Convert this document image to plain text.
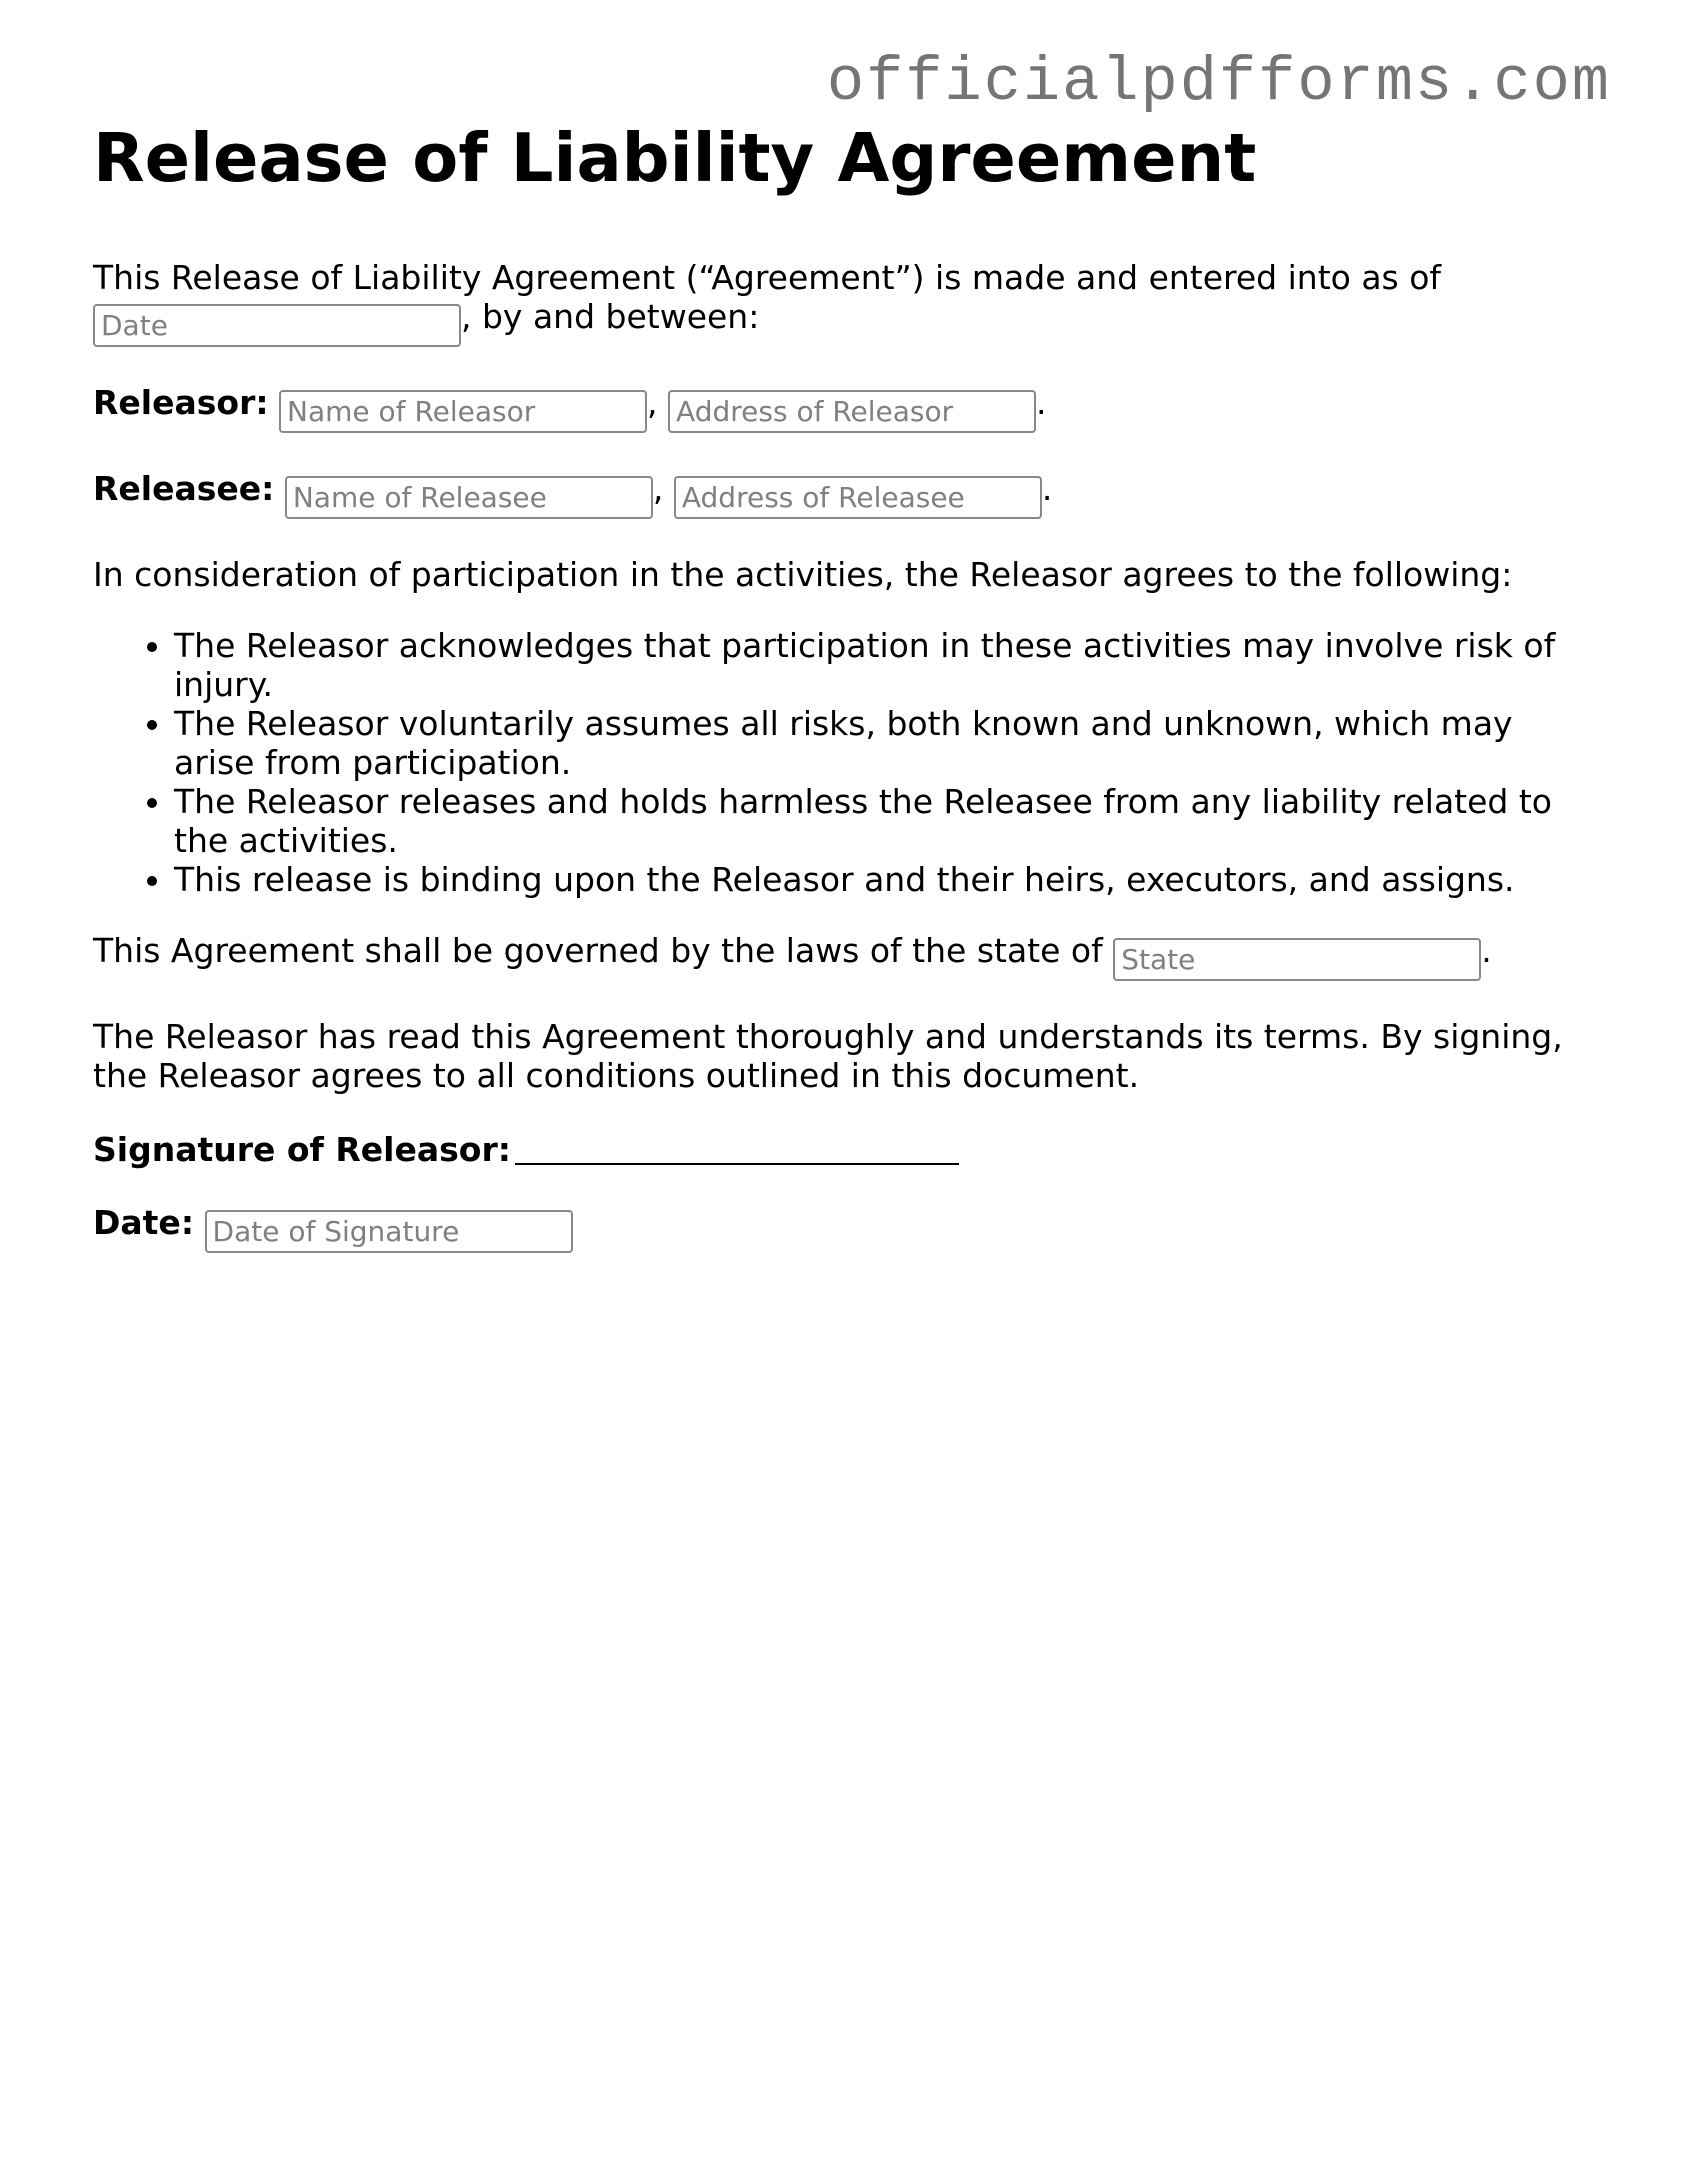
officialpdfforms.com
Release of Liability Agreement

This Release of Liability Agreement (“Agreement”) is made and entered into as of
Date, by and between:

Releasor: Name of Releasor	, Address of Releasor	.

Releasee: Name of Releasee	, Address of Releasee	.

In consideration of participation in the activities, the Releasor agrees to the following:

• The Releasor acknowledges that participation in these activities may involve risk of injury.
• The Releasor voluntarily assumes all risks, both known and unknown, which may arise from participation.
• The Releasor releases and holds harmless the Releasee from any liability related to the activities.
• This release is binding upon the Releasor and their heirs, executors, and assigns.

This Agreement shall be governed by the laws of the state of State	.

The Releasor has read this Agreement thoroughly and understands its terms. By signing, the Releasor agrees to all conditions outlined in this document.

Signature of Releasor:

Date: Date of Signature
